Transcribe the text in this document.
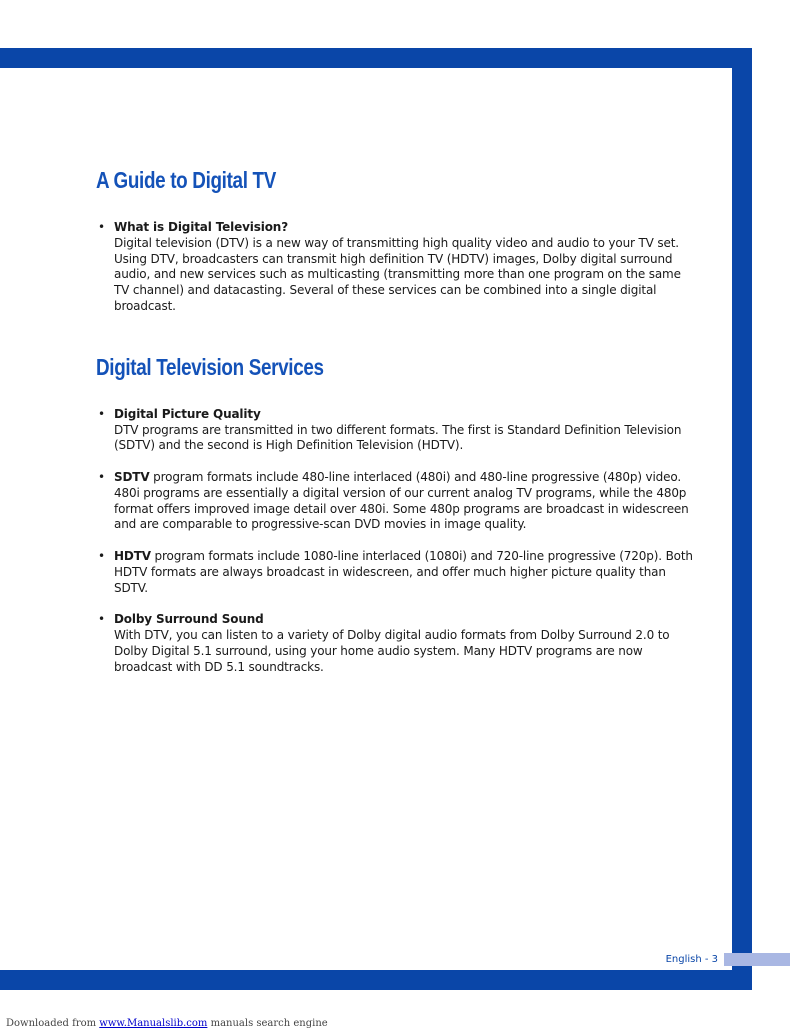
English - 3
A Guide to Digital TV
• What is Digital Television?
Digital television (DTV) is a new way of transmitting high quality video and audio to your TV set. Using DTV, broadcasters can transmit high definition TV (HDTV) images, Dolby digital surround audio, and new services such as multicasting (transmitting more than one program on the same TV channel) and datacasting. Several of these services can be combined into a single digital broadcast.
Digital Television Services
• Digital Picture Quality
DTV programs are transmitted in two different formats. The first is Standard Definition Television (SDTV) and the second is High Definition Television (HDTV).
• SDTV program formats include 480-line interlaced (480i) and 480-line progressive (480p) video. 480i programs are essentially a digital version of our current analog TV programs, while the 480p format offers improved image detail over 480i. Some 480p programs are broadcast in widescreen and are comparable to progressive-scan DVD movies in image quality.
• HDTV program formats include 1080-line interlaced (1080i) and 720-line progressive (720p). Both HDTV formats are always broadcast in widescreen, and offer much higher picture quality than SDTV.
• Dolby Surround Sound
With DTV, you can listen to a variety of Dolby digital audio formats from Dolby Surround 2.0 to Dolby Digital 5.1 surround, using your home audio system. Many HDTV programs are now broadcast with DD 5.1 soundtracks.
Downloaded from www.Manualslib.com manuals search engine
